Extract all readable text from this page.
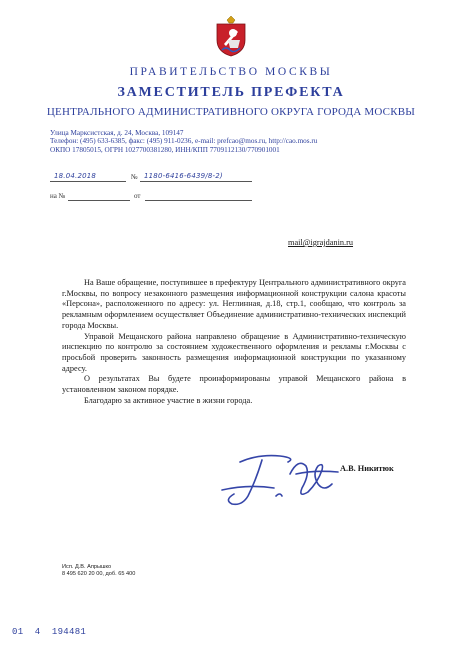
ПРАВИТЕЛЬСТВО МОСКВЫ
ЗАМЕСТИТЕЛЬ ПРЕФЕКТА
ЦЕНТРАЛЬНОГО АДМИНИСТРАТИВНОГО ОКРУГА ГОРОДА МОСКВЫ
Улица Марксистская, д. 24, Москва, 109147
Телефон: (495) 633-6385, факс: (495) 911-0236, e-mail: prefcao@mos.ru, http://cao.mos.ru
ОКПО 17805015, ОГРН 1027700381280, ИНН/КПП 7709112130/770901001
18.04.2018	№ 1180-6416-6439/8-2)
на №	от
mail@igrajdanin.ru

На Ваше обращение, поступившее в префектуру Центрального административного округа г.Москвы, по вопросу незаконного размещения информационной конструкции салона красоты «Персона», расположенного по адресу: ул. Неглинная, д.18, стр.1, сообщаю, что контроль за рекламным оформлением осуществляет Объединение административно-технических инспекций города Москвы.

Управой Мещанского района направлено обращение в Административно-техническую инспекцию по контролю за состоянием художественного оформления и рекламы г.Москвы с просьбой проверить законность размещения информационной конструкции по указанному адресу.

О результатах Вы будете проинформированы управой Мещанского района в установленном законом порядке.

Благодарю за активное участие в жизни города.

А.В. Никитюк
Исп. Д.В. Апрышко
8 495 620 20 00, доб. 65 400
01  4  194481
